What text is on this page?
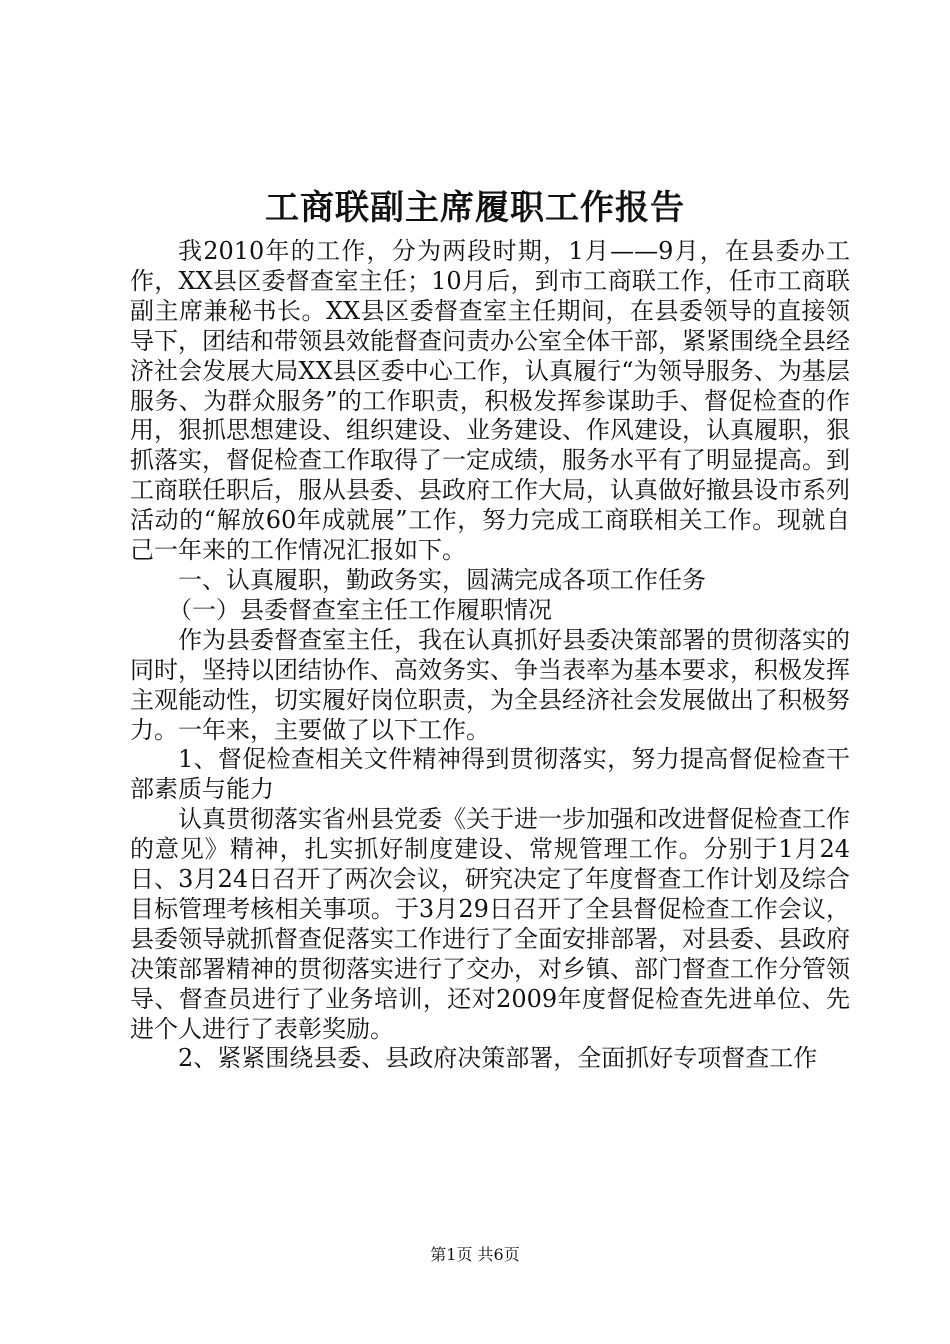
工商联副主席履职工作报告

我2010年的工作，分为两段时期，1月——9月，在县委办工作，XX县区委督查室主任；10月后，到市工商联工作，任市工商联副主席兼秘书长。XX县区委督查室主任期间，在县委领导的直接领导下，团结和带领县效能督查问责办公室全体干部，紧紧围绕全县经济社会发展大局XX县区委中心工作，认真履行“为领导服务、为基层服务、为群众服务”的工作职责，积极发挥参谋助手、督促检查的作用，狠抓思想建设、组织建设、业务建设、作风建设，认真履职，狠抓落实，督促检查工作取得了一定成绩，服务水平有了明显提高。到工商联任职后，服从县委、县政府工作大局，认真做好撤县设市系列活动的“解放60年成就展”工作，努力完成工商联相关工作。现就自己一年来的工作情况汇报如下。

一、认真履职，勤政务实，圆满完成各项工作任务

（一）县委督查室主任工作履职情况

作为县委督查室主任，我在认真抓好县委决策部署的贯彻落实的同时，坚持以团结协作、高效务实、争当表率为基本要求，积极发挥主观能动性，切实履好岗位职责，为全县经济社会发展做出了积极努力。一年来，主要做了以下工作。

1、督促检查相关文件精神得到贯彻落实，努力提高督促检查干部素质与能力

认真贯彻落实省州县党委《关于进一步加强和改进督促检查工作的意见》精神，扎实抓好制度建设、常规管理工作。分别于1月24日、3月24日召开了两次会议，研究决定了年度督查工作计划及综合目标管理考核相关事项。于3月29日召开了全县督促检查工作会议，县委领导就抓督查促落实工作进行了全面安排部署，对县委、县政府决策部署精神的贯彻落实进行了交办，对乡镇、部门督查工作分管领导、督查员进行了业务培训，还对2009年度督促检查先进单位、先进个人进行了表彰奖励。

2、紧紧围绕县委、县政府决策部署，全面抓好专项督查工作

第1页 共6页
